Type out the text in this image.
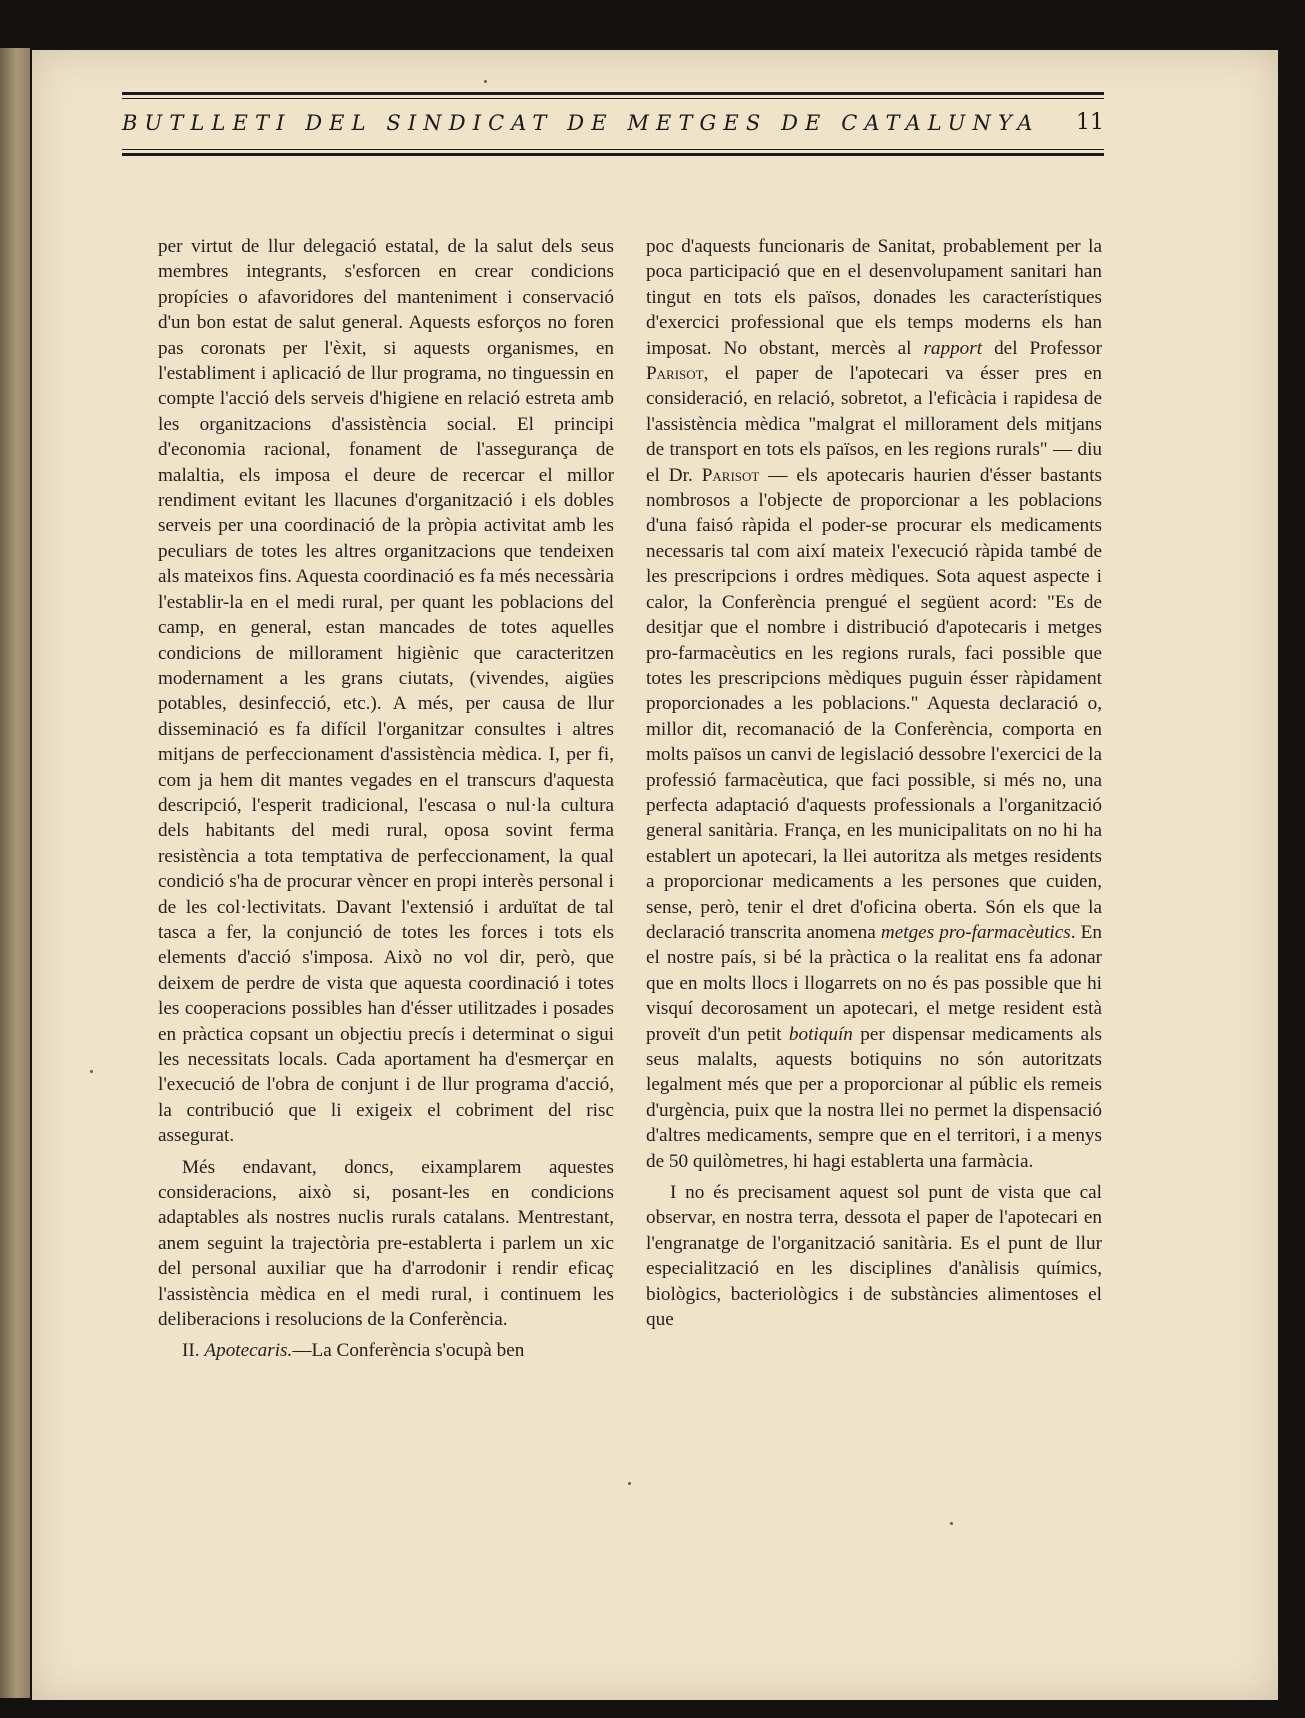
BUTLLETI DEL SINDICAT DE METGES DE CATALUNYA 11

per virtut de llur delegació estatal, de la salut dels seus membres integrants, s'esforcen en crear condicions propícies o afavoridores del manteniment i conservació d'un bon estat de salut general. Aquests esforços no foren pas coronats per l'èxit, si aquests organismes, en l'establiment i aplicació de llur programa, no tinguessin en compte l'acció dels serveis d'higiene en relació estreta amb les organitzacions d'assistència social. El principi d'economia racional, fonament de l'assegurança de malaltia, els imposa el deure de recercar el millor rendiment evitant les llacunes d'organització i els dobles serveis per una coordinació de la pròpia activitat amb les peculiars de totes les altres organitzacions que tendeixen als mateixos fins. Aquesta coordinació es fa més necessària l'establir-la en el medi rural, per quant les poblacions del camp, en general, estan mancades de totes aquelles condicions de millorament higiènic que caracteritzen modernament a les grans ciutats, (vivendes, aigües potables, desinfecció, etc.). A més, per causa de llur disseminació es fa difícil l'organitzar consultes i altres mitjans de perfeccionament d'assistència mèdica. I, per fi, com ja hem dit mantes vegades en el transcurs d'aquesta descripció, l'esperit tradicional, l'escasa o nul·la cultura dels habitants del medi rural, oposa sovint ferma resistència a tota temptativa de perfeccionament, la qual condició s'ha de procurar vèncer en propi interès personal i de les col·lectivitats. Davant l'extensió i arduïtat de tal tasca a fer, la conjunció de totes les forces i tots els elements d'acció s'imposa. Això no vol dir, però, que deixem de perdre de vista que aquesta coordinació i totes les cooperacions possibles han d'ésser utilitzades i posades en pràctica copsant un objectiu precís i determinat o sigui les necessitats locals. Cada aportament ha d'esmerçar en l'execució de l'obra de conjunt i de llur programa d'acció, la contribució que li exigeix el cobriment del risc assegurat.

Més endavant, doncs, eixamplarem aquestes consideracions, això si, posant-les en condicions adaptables als nostres nuclis rurals catalans. Mentrestant, anem seguint la trajectòria pre-establerta i parlem un xic del personal auxiliar que ha d'arrodonir i rendir eficaç l'assistència mèdica en el medi rural, i continuem les deliberacions i resolucions de la Conferència.

II. Apotecaris.—La Conferència s'ocupà ben

poc d'aquests funcionaris de Sanitat, probablement per la poca participació que en el desenvolupament sanitari han tingut en tots els països, donades les característiques d'exercici professional que els temps moderns els han imposat. No obstant, mercès al rapport del Professor Parisot, el paper de l'apotecari va ésser pres en consideració, en relació, sobretot, a l'eficàcia i rapidesa de l'assistència mèdica "malgrat el millorament dels mitjans de transport en tots els països, en les regions rurals" — diu el Dr. Parisot — els apotecaris haurien d'ésser bastants nombrosos a l'objecte de proporcionar a les poblacions d'una faisó ràpida el poder-se procurar els medicaments necessaris tal com així mateix l'execució ràpida també de les prescripcions i ordres mèdiques. Sota aquest aspecte i calor, la Conferència prengué el següent acord: "Es de desitjar que el nombre i distribució d'apotecaris i metges pro-farmacèutics en les regions rurals, faci possible que totes les prescripcions mèdiques puguin ésser ràpidament proporcionades a les poblacions." Aquesta declaració o, millor dit, recomanació de la Conferència, comporta en molts països un canvi de legislació dessobre l'exercici de la professió farmacèutica, que faci possible, si més no, una perfecta adaptació d'aquests professionals a l'organització general sanitària. França, en les municipalitats on no hi ha establert un apotecari, la llei autoritza als metges residents a proporcionar medicaments a les persones que cuiden, sense, però, tenir el dret d'oficina oberta. Són els que la declaració transcrita anomena metges pro-farmacèutics. En el nostre país, si bé la pràctica o la realitat ens fa adonar que en molts llocs i llogarrets on no és pas possible que hi visquí decorosament un apotecari, el metge resident està proveït d'un petit botiquín per dispensar medicaments als seus malalts, aquests botiquins no són autoritzats legalment més que per a proporcionar al públic els remeis d'urgència, puix que la nostra llei no permet la dispensació d'altres medicaments, sempre que en el territori, i a menys de 50 quilòmetres, hi hagi establerta una farmàcia.

I no és precisament aquest sol punt de vista que cal observar, en nostra terra, dessota el paper de l'apotecari en l'engranatge de l'organització sanitària. Es el punt de llur especialització en les disciplines d'anàlisis químics, biològics, bacteriològics i de substàncies alimentoses el que
